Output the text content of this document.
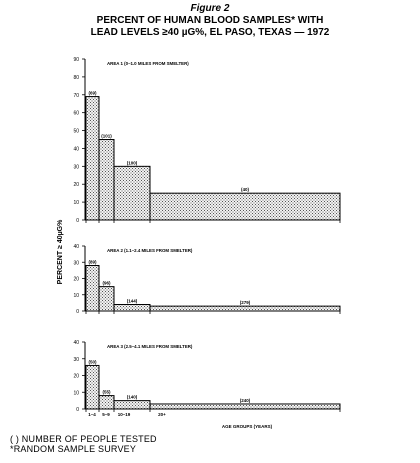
Figure 2
PERCENT OF HUMAN BLOOD SAMPLES* WITH
LEAD LEVELS ≥40 µG%, EL PASO, TEXAS — 1972
0
10
20
30
40
50
60
70
80
90
AREA 1 (0–1.0 MILES FROM SMELTER)
(69)
(101)
(100)
(40)
0
10
20
30
40
AREA 2 (1.1–2.4 MILES FROM SMELTER)
(89)
(96)
(144)	(279)
0
10
20
30
40
AREA 3 (2.5–4.1 MILES FROM SMELTER)
(50)
(55)
(140)
(240)
1–4 5–9 10–19	20+
AGE GROUPS (YEARS)
PERCENT ≥ 40µG%
( ) NUMBER OF PEOPLE TESTED
*RANDOM SAMPLE SURVEY
